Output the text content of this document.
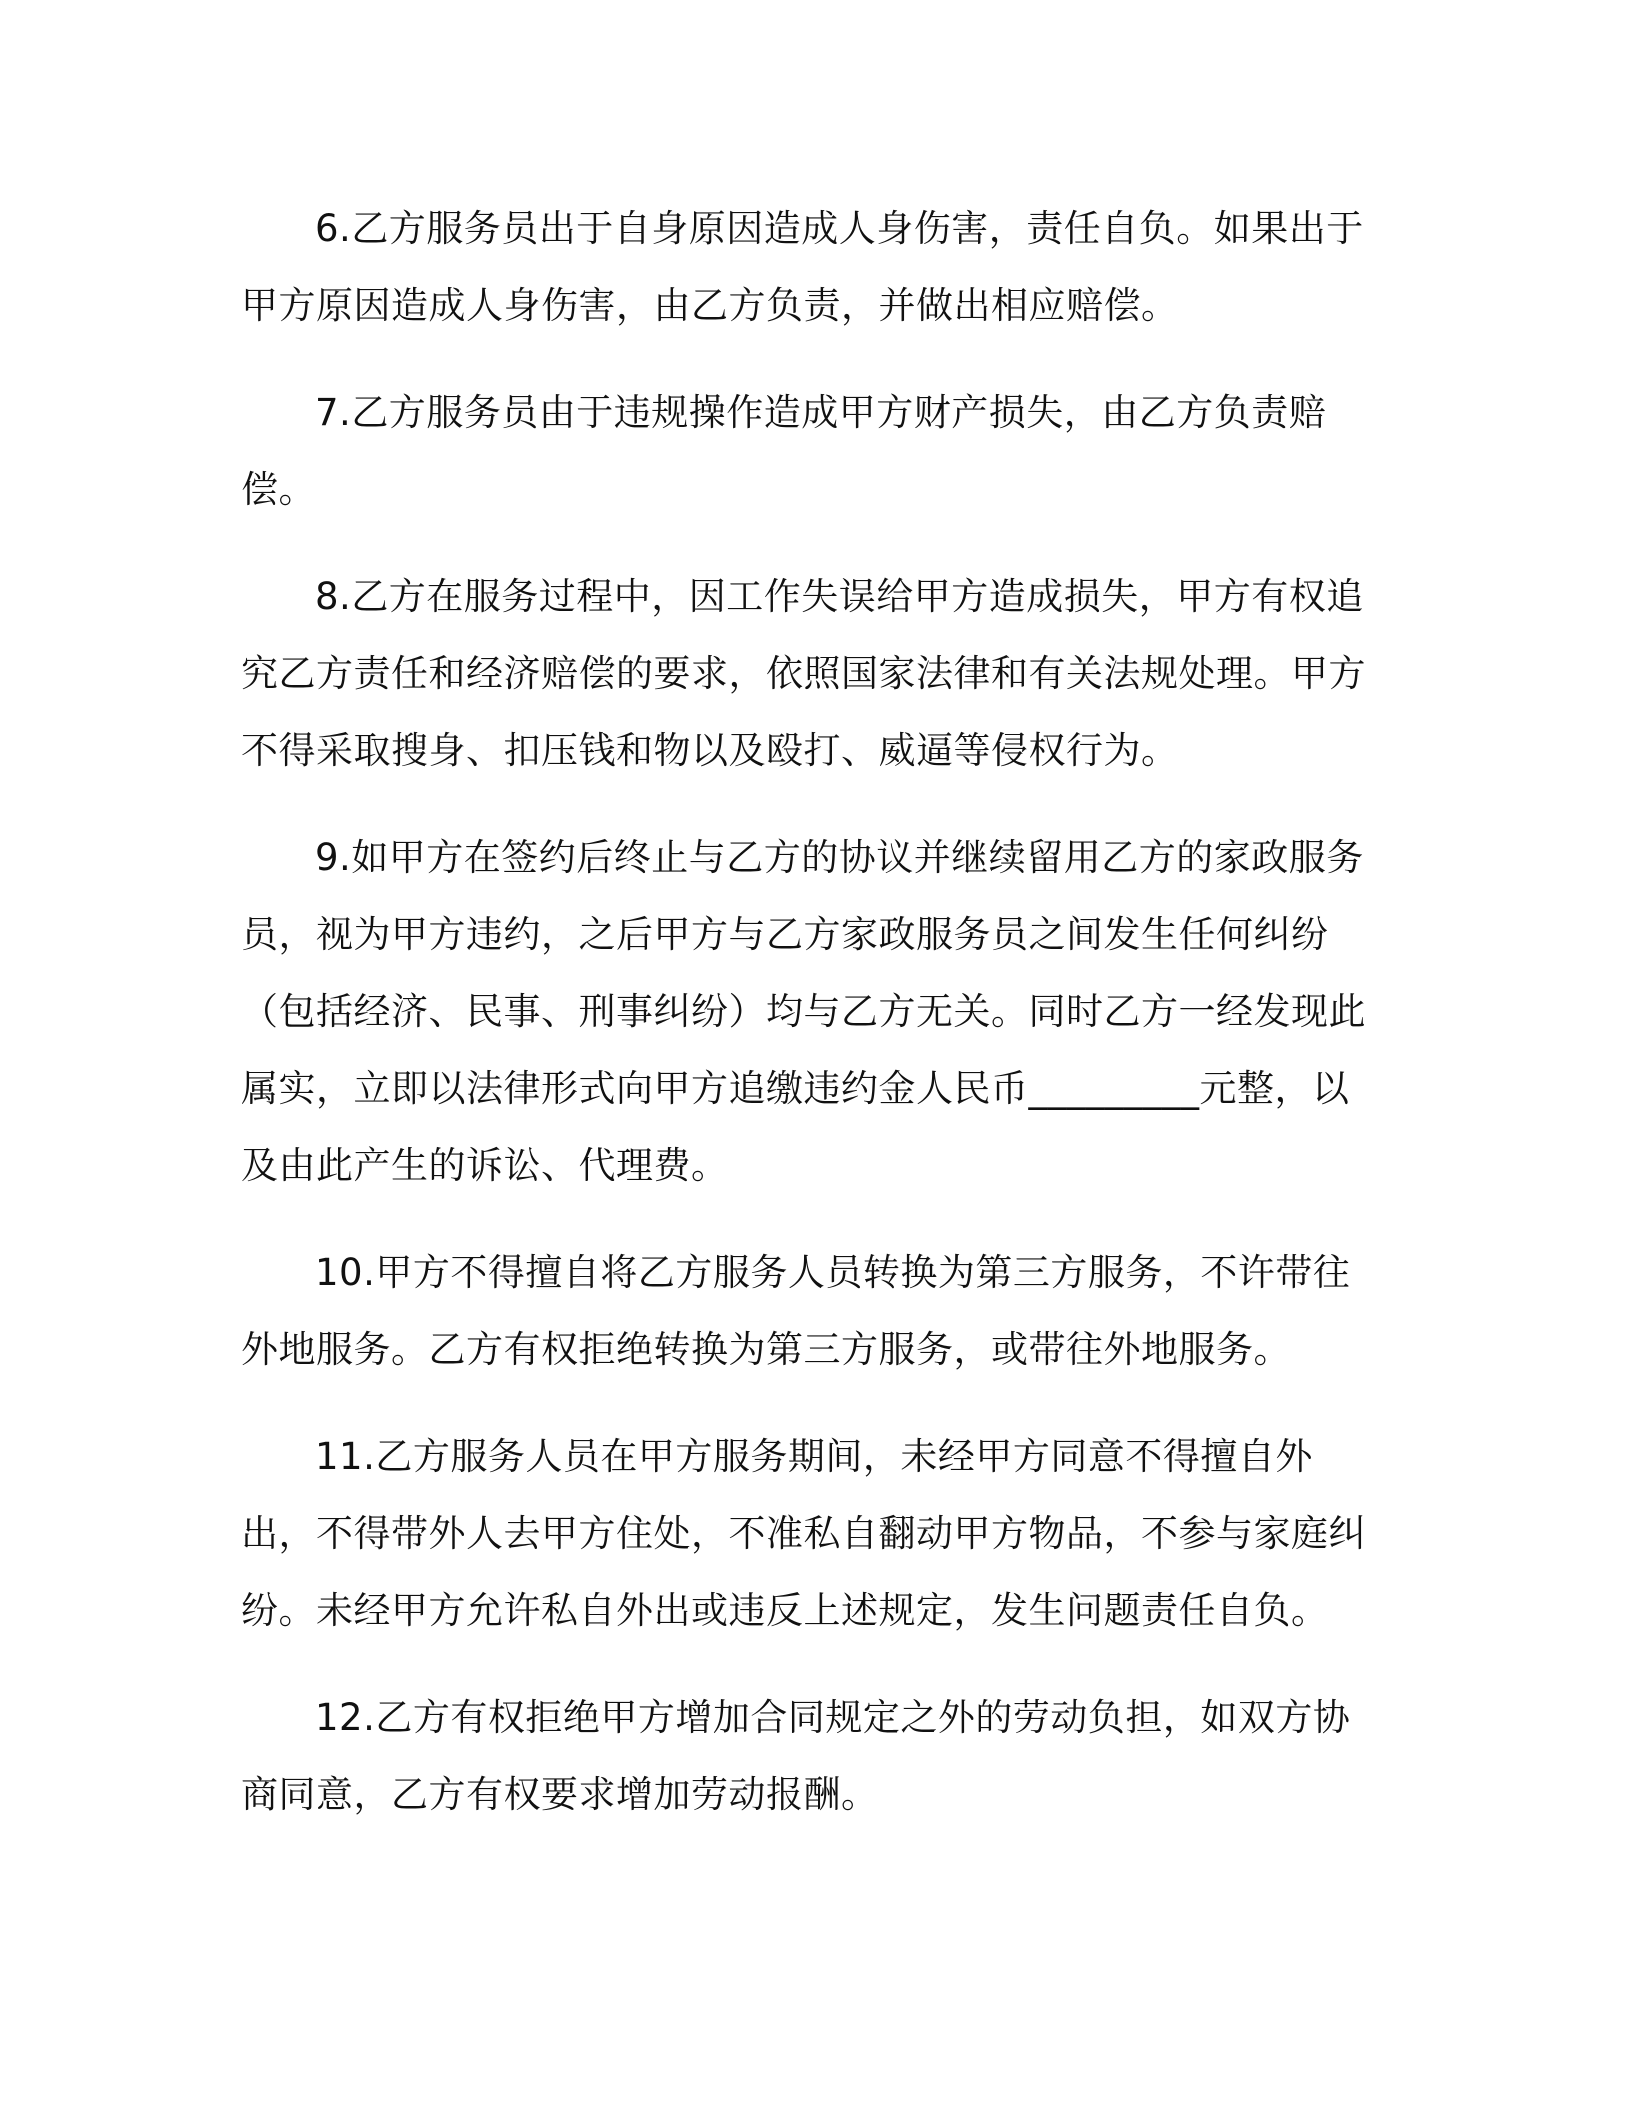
6.乙方服务员出于自身原因造成人身伤害，责任自负。如果出于甲方原因造成人身伤害，由乙方负责，并做出相应赔偿。

7.乙方服务员由于违规操作造成甲方财产损失，由乙方负责赔偿。

8.乙方在服务过程中，因工作失误给甲方造成损失，甲方有权追究乙方责任和经济赔偿的要求，依照国家法律和有关法规处理。甲方不得采取搜身、扣压钱和物以及殴打、威逼等侵权行为。

9.如甲方在签约后终止与乙方的协议并继续留用乙方的家政服务员，视为甲方违约，之后甲方与乙方家政服务员之间发生任何纠纷（包括经济、民事、刑事纠纷）均与乙方无关。同时乙方一经发现此属实，立即以法律形式向甲方追缴违约金人民币_________元整，以及由此产生的诉讼、代理费。

10.甲方不得擅自将乙方服务人员转换为第三方服务，不许带往外地服务。乙方有权拒绝转换为第三方服务，或带往外地服务。

11.乙方服务人员在甲方服务期间，未经甲方同意不得擅自外出，不得带外人去甲方住处，不准私自翻动甲方物品，不参与家庭纠纷。未经甲方允许私自外出或违反上述规定，发生问题责任自负。

12.乙方有权拒绝甲方增加合同规定之外的劳动负担，如双方协商同意，乙方有权要求增加劳动报酬。
